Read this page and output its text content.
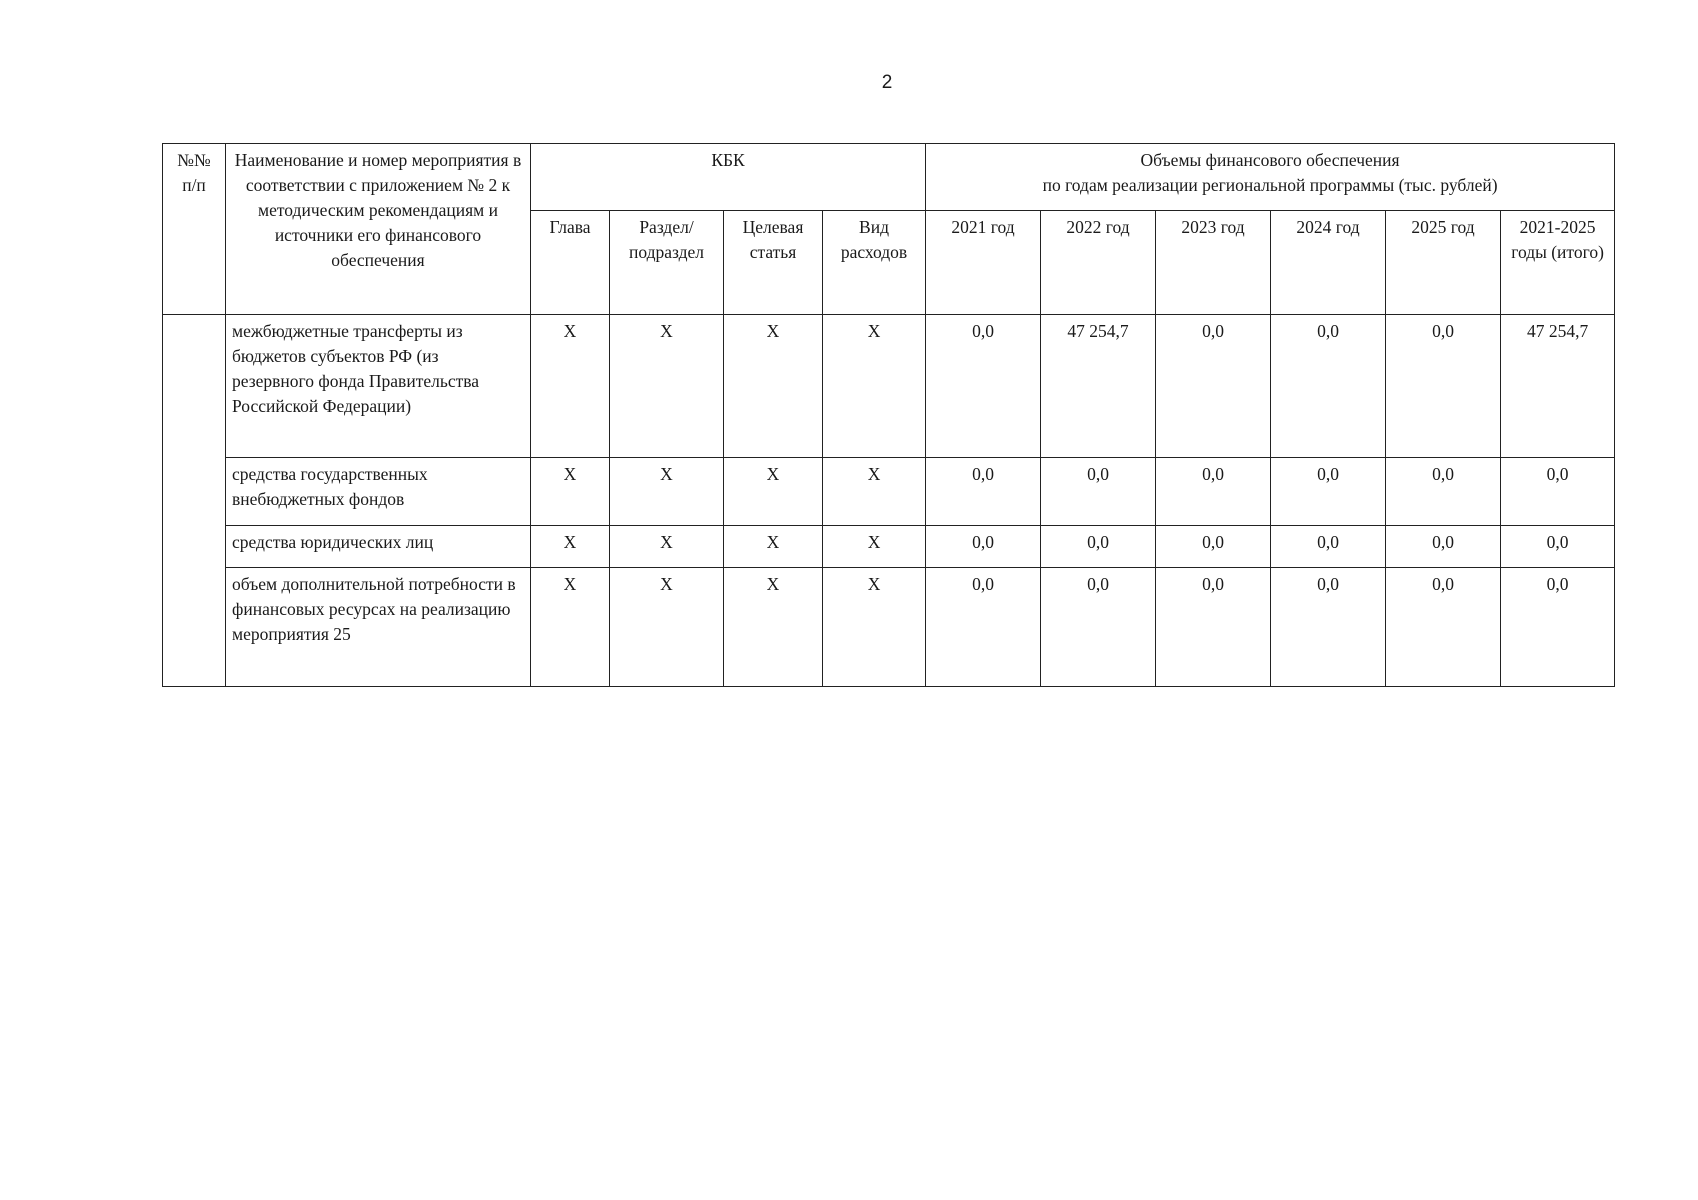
2
№№ п/п	Наименование и номер мероприятия в соответствии с приложением № 2 к методическим рекомендациям и источники его финансового обеспечения	КБК				Объемы финансового обеспечения
по годам реализации региональной программы (тыс. рублей)					

		Глава	Раздел/ подраздел	Целевая статья	Вид расходов	2021 год	2022 год	2023 год	2024 год	2025 год	2021-2025 годы (итого)
	межбюджетные трансферты из бюджетов субъектов РФ (из резервного фонда Правительства Российской Федерации)	X	X	X	X	0,0	47 254,7	0,0	0,0	0,0	47 254,7
	средства государственных внебюджетных фондов	X	X	X	X	0,0	0,0	0,0	0,0	0,0	0,0
	средства юридических лиц	X	X	X	X	0,0	0,0	0,0	0,0	0,0	0,0
	объем дополнительной потребности в финансовых ресурсах на реализацию мероприятия 25	X	X	X	X	0,0	0,0	0,0	0,0	0,0	0,0
